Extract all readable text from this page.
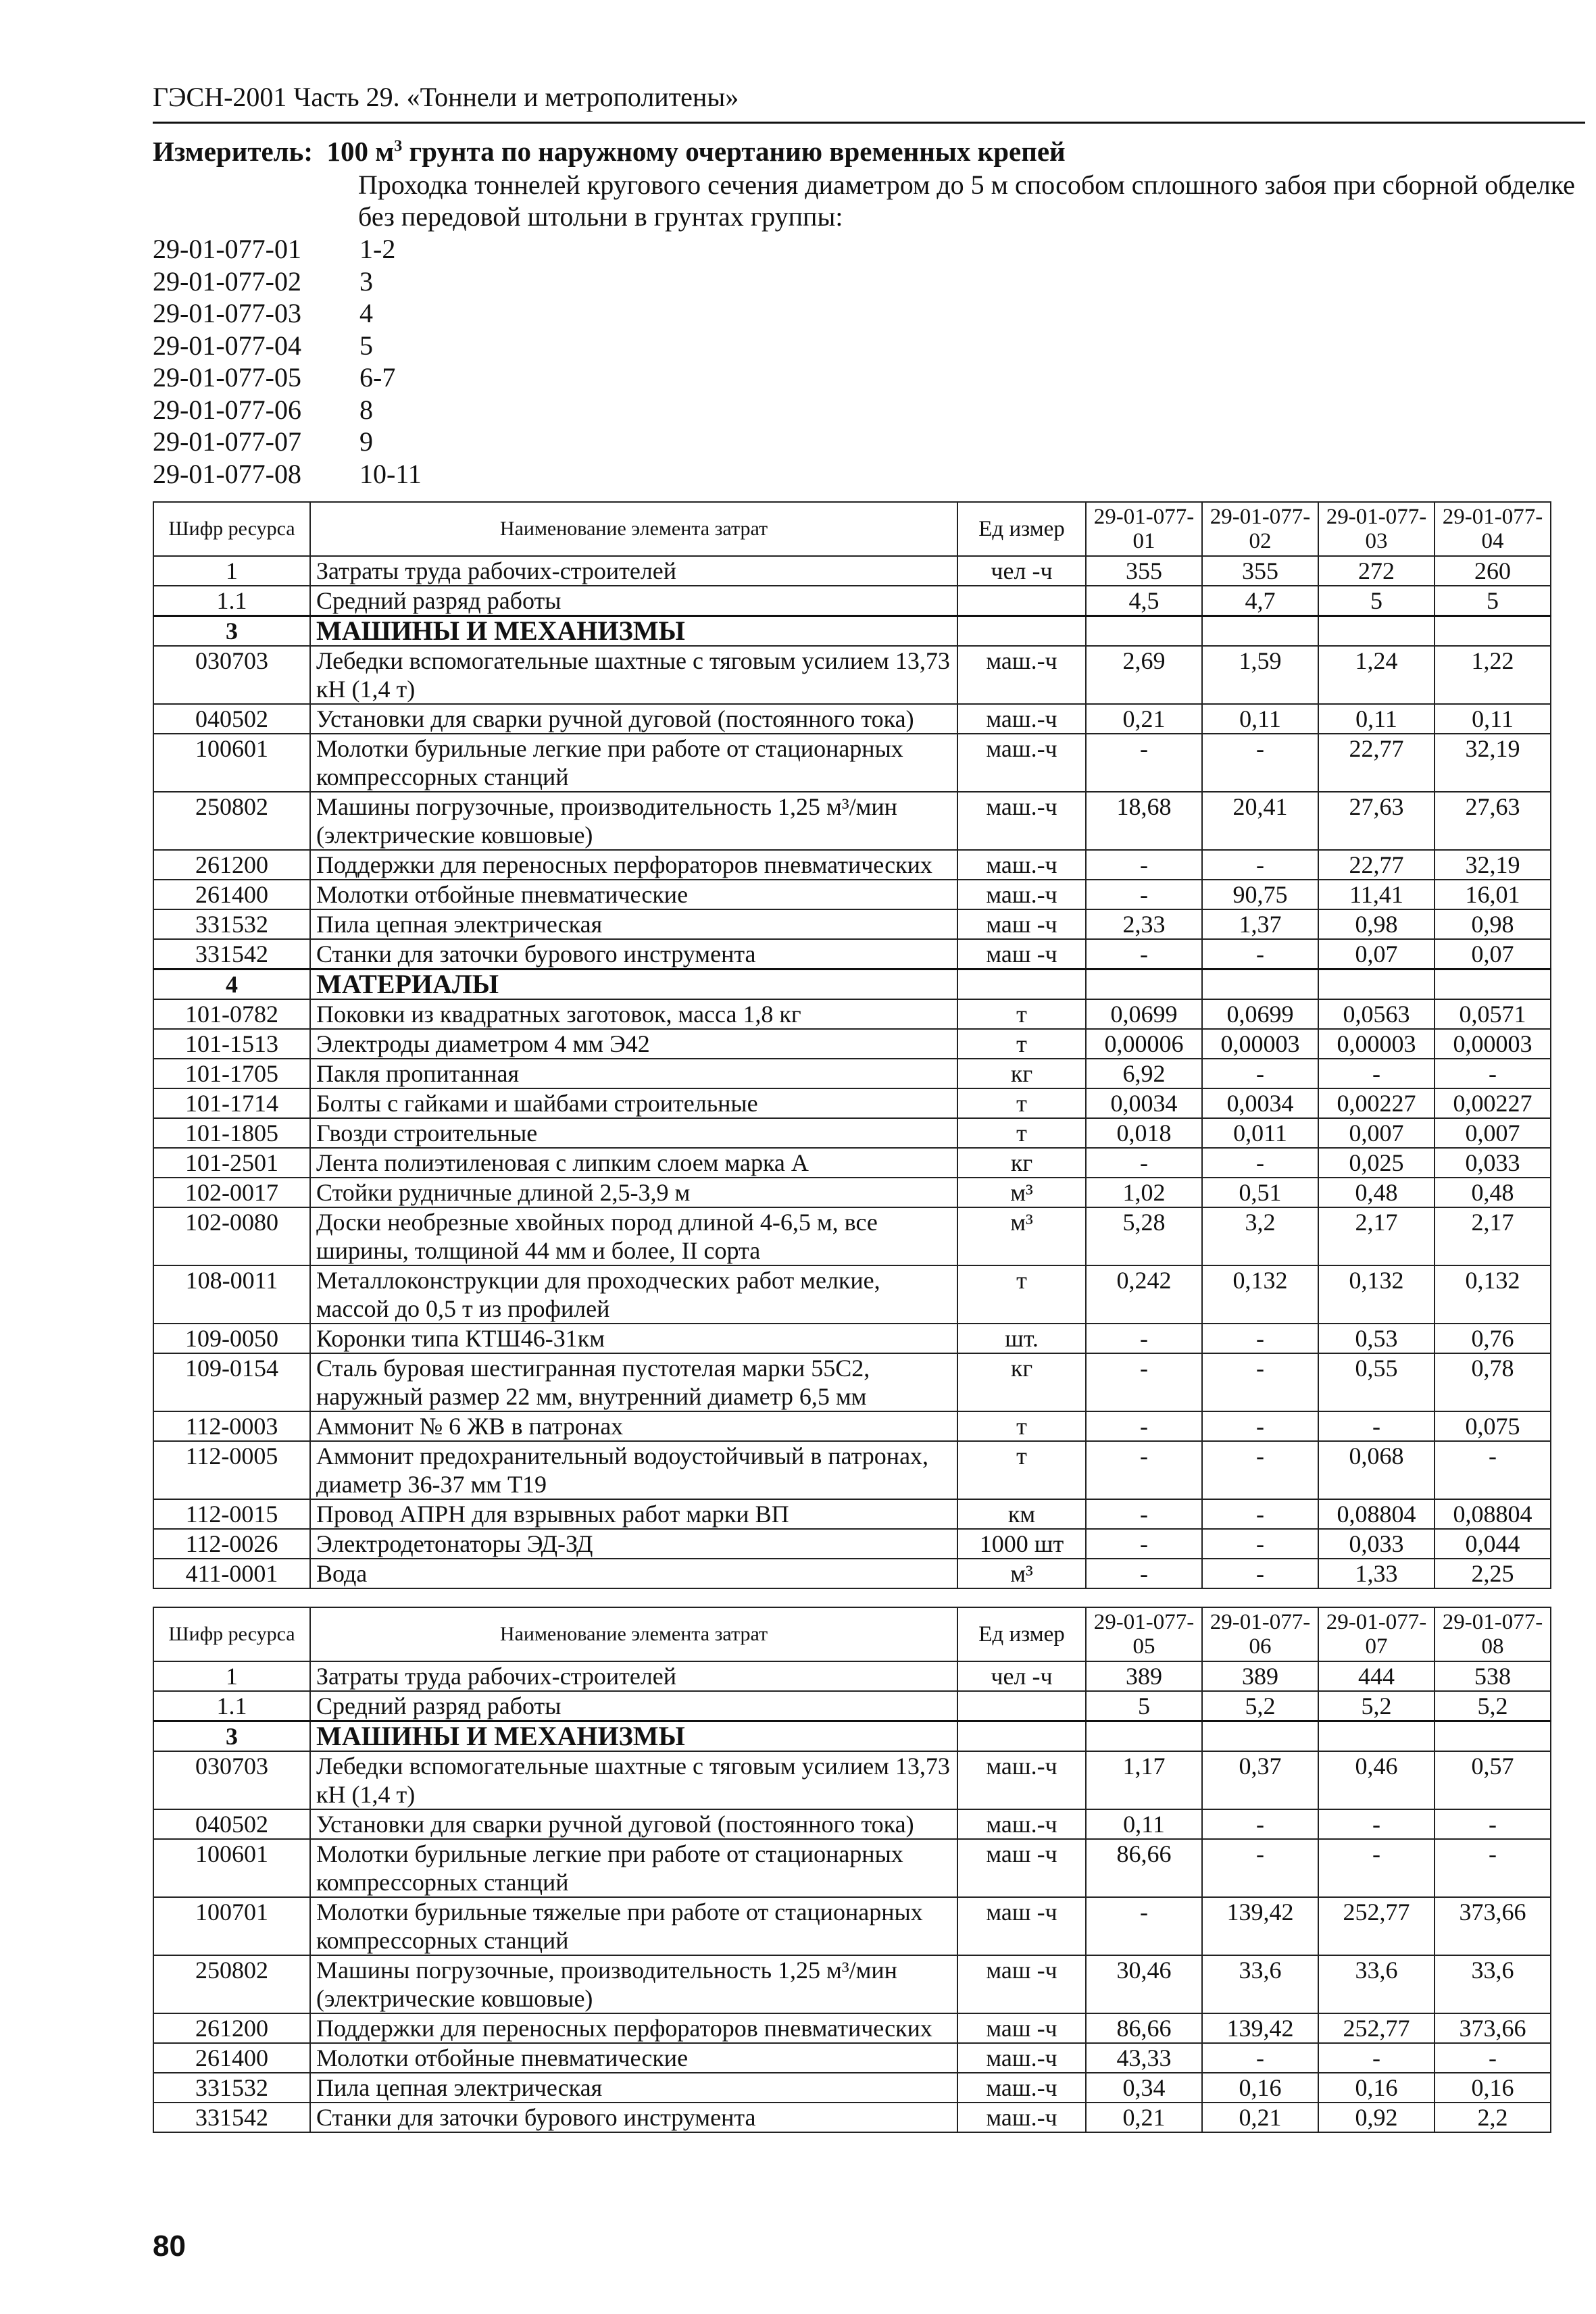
ГЭСН-2001 Часть 29. «Тоннели и метрополитены»
Измеритель: 100 $м^3$ грунта по наружному очертанию временных крепей
Проходка тоннелей кругового сечения диаметром до 5 м способом сплошного забоя при сборной обделке без передовой штольни в грунтах группы:
29-01-077-01	1-2
29-01-077-02	3
29-01-077-03	4
29-01-077-04	5
29-01-077-05	6-7
29-01-077-06	8
29-01-077-07	9
29-01-077-08	10-11
Шифр ресурса	Наименование элемента затрат	Ед измер	29-01-077-01	29-01-077-02	29-01-077-03	29-01-077-04
1	Затраты труда рабочих-строителей	чел -ч	355	355	272	260
1.1	Средний разряд работы		4,5	4,7	5	5
3	МАШИНЫ И МЕХАНИЗМЫ					
030703	Лебедки вспомогательные шахтные с тяговым усилием 13,73 кН (1,4 т)	маш.-ч	2,69	1,59	1,24	1,22
040502	Установки для сварки ручной дуговой (постоянного тока)	маш.-ч	0,21	0,11	0,11	0,11
100601	Молотки бурильные легкие при работе от стационарных компрессорных станций	маш.-ч	-	-	22,77	32,19
250802	Машины погрузочные, производительность 1,25 м³/мин (электрические ковшовые)	маш.-ч	18,68	20,41	27,63	27,63
261200	Поддержки для переносных перфораторов пневматических	маш.-ч	-	-	22,77	32,19
261400	Молотки отбойные пневматические	маш.-ч	-	90,75	11,41	16,01
331532	Пила цепная электрическая	маш -ч	2,33	1,37	0,98	0,98
331542	Станки для заточки бурового инструмента	маш -ч	-	-	0,07	0,07
4	МАТЕРИАЛЫ					
101-0782	Поковки из квадратных заготовок, масса 1,8 кг	т	0,0699	0,0699	0,0563	0,0571
101-1513	Электроды диаметром 4 мм Э42	т	0,00006	0,00003	0,00003	0,00003
101-1705	Пакля пропитанная	кг	6,92	-	-	-
101-1714	Болты с гайками и шайбами строительные	т	0,0034	0,0034	0,00227	0,00227
101-1805	Гвозди строительные	т	0,018	0,011	0,007	0,007
101-2501	Лента полиэтиленовая с липким слоем марка А	кг	-	-	0,025	0,033
102-0017	Стойки рудничные длиной 2,5-3,9 м	м³	1,02	0,51	0,48	0,48
102-0080	Доски необрезные хвойных пород длиной 4-6,5 м, все ширины, толщиной 44 мм и более, II сорта	м³	5,28	3,2	2,17	2,17
108-0011	Металлоконструкции для проходческих работ мелкие, массой до 0,5 т из профилей	т	0,242	0,132	0,132	0,132
109-0050	Коронки типа КТШ46-31км	шт.	-	-	0,53	0,76
109-0154	Сталь буровая шестигранная пустотелая марки 55С2, наружный размер 22 мм, внутренний диаметр 6,5 мм	кг	-	-	0,55	0,78
112-0003	Аммонит № 6 ЖВ в патронах	т	-	-	-	0,075
112-0005	Аммонит предохранительный водоустойчивый в патронах, диаметр 36-37 мм Т19	т	-	-	0,068	-
112-0015	Провод АПРН для взрывных работ марки ВП	км	-	-	0,08804	0,08804
112-0026	Электродетонаторы ЭД-ЗД	1000 шт	-	-	0,033	0,044
411-0001	Вода	м³	-	-	1,33	2,25
Шифр ресурса	Наименование элемента затрат	Ед измер	29-01-077-05	29-01-077-06	29-01-077-07	29-01-077-08
1	Затраты труда рабочих-строителей	чел -ч	389	389	444	538
1.1	Средний разряд работы		5	5,2	5,2	5,2
3	МАШИНЫ И МЕХАНИЗМЫ					
030703	Лебедки вспомогательные шахтные с тяговым усилием 13,73 кН (1,4 т)	маш.-ч	1,17	0,37	0,46	0,57
040502	Установки для сварки ручной дуговой (постоянного тока)	маш.-ч	0,11	-	-	-
100601	Молотки бурильные легкие при работе от стационарных компрессорных станций	маш -ч	86,66	-	-	-
100701	Молотки бурильные тяжелые при работе от стационарных компрессорных станций	маш -ч	-	139,42	252,77	373,66
250802	Машины погрузочные, производительность 1,25 м³/мин (электрические ковшовые)	маш -ч	30,46	33,6	33,6	33,6
261200	Поддержки для переносных перфораторов пневматических	маш -ч	86,66	139,42	252,77	373,66
261400	Молотки отбойные пневматические	маш.-ч	43,33	-	-	-
331532	Пила цепная электрическая	маш.-ч	0,34	0,16	0,16	0,16
331542	Станки для заточки бурового инструмента	маш.-ч	0,21	0,21	0,92	2,2
80
